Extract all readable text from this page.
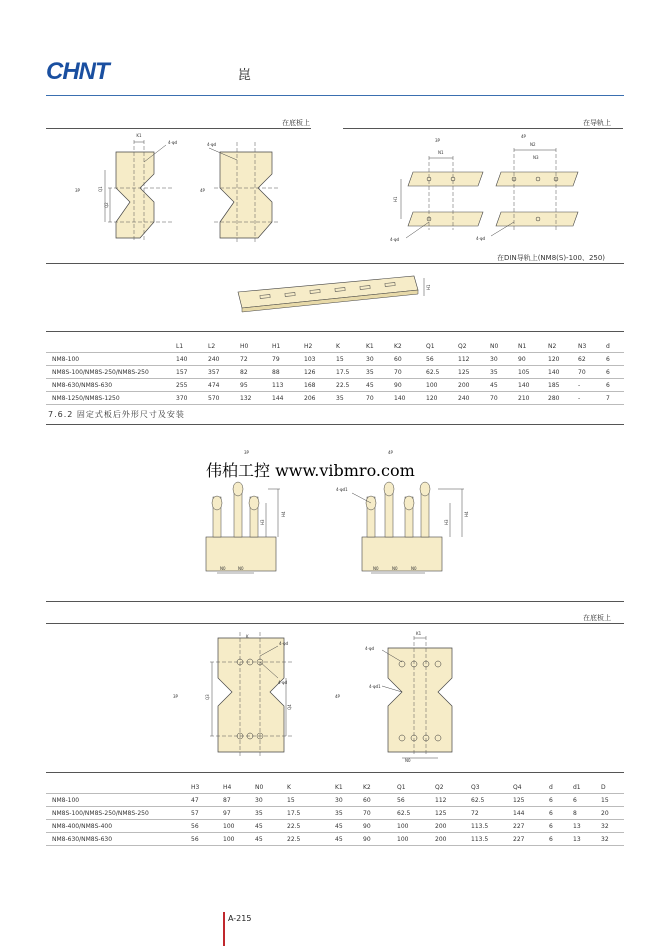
CHNT	崑
在底板上	在导轨上
K1
4-φd
3P	Q1
Q2
4-φd
4P
3P
N1
H1
4-φd
4P
N2
N3
4-φd
在DIN导轨上(NM8(S)-100、250)
H1
	L1	L2	H0	H1	H2	K	K1	K2	Q1	Q2	N0	N1	N2	N3	d
NM8-100	140	240	72	79	103	15	30	60	56	112	30	90	120	62	6
NM8S-100/NM8S-250/NM8S-250	157	357	82	88	126	17.5	35	70	62.5	125	35	105	140	70	6
NM8-630/NM8S-630	255	474	95	113	168	22.5	45	90	100	200	45	140	185	-	6
NM8-1250/NM8S-1250	370	570	132	144	206	35	70	140	120	240	70	210	280	-	7
7.6.2 固定式板后外形尺寸及安装
3P	4P
H3
H4
N0	N0
4-φd1
H3
H4
N0	N0	N0
伟柏工控 www.vibmro.com
在底板上
3P
4-φd
4-φd
Q3
Q4
K
4P
4-φd
4-φd1
K1
N0
	H3	H4	N0	K	K1	K2	Q1	Q2	Q3	Q4	d	d1	D
NM8-100	47	87	30	15	30	60	56	112	62.5	125	6	6	15
NM8S-100/NM8S-250/NM8S-250	57	97	35	17.5	35	70	62.5	125	72	144	6	8	20
NM8-400/NM8S-400	56	100	45	22.5	45	90	100	200	113.5	227	6	13	32
NM8-630/NM8S-630	56	100	45	22.5	45	90	100	200	113.5	227	6	13	32
A-215
